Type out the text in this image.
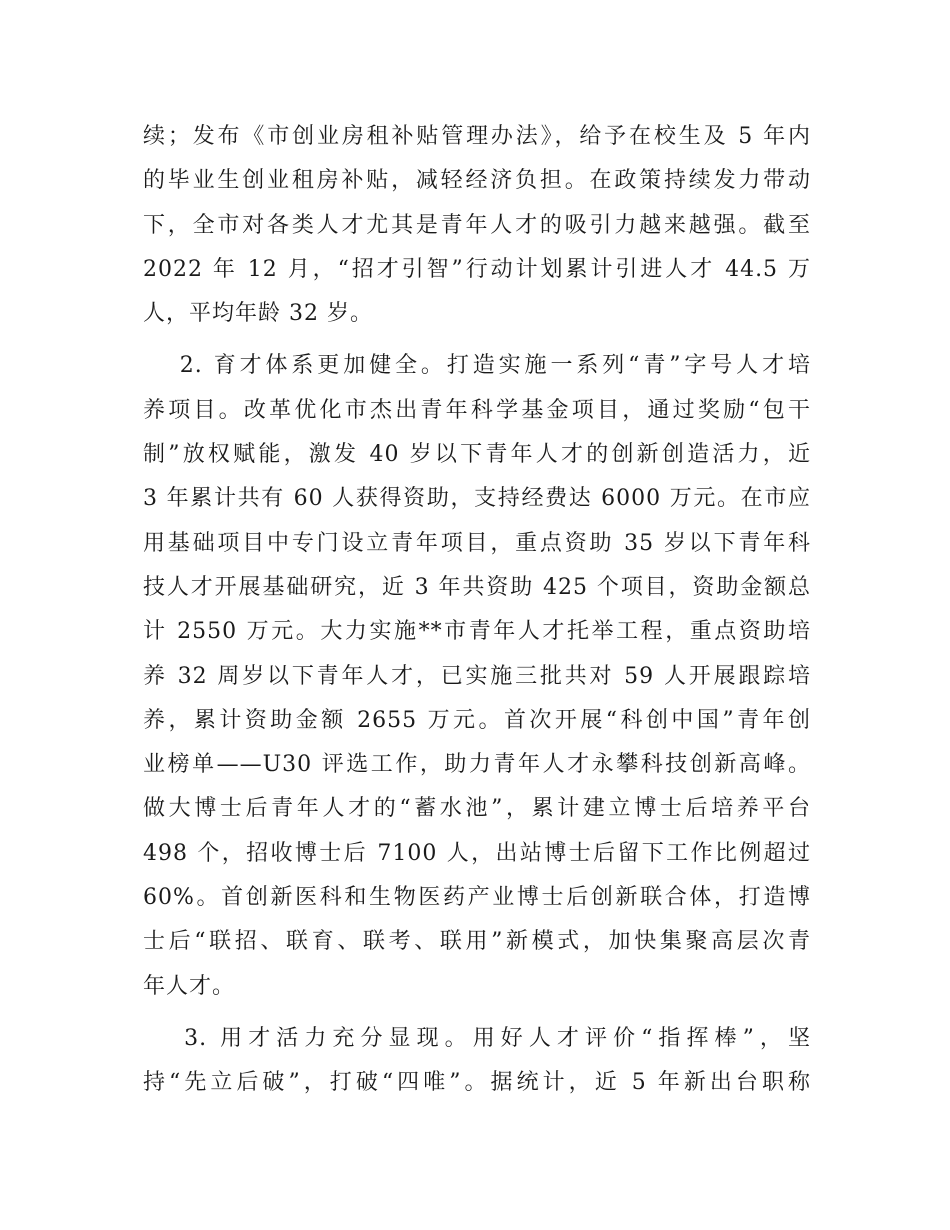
续；发布《市创业房租补贴管理办法》，给予在校生及 5 年内
的毕业生创业租房补贴，减轻经济负担。在政策持续发力带动
下，全市对各类人才尤其是青年人才的吸引力越来越强。截至
2022 年 12 月，“招才引智”行动计划累计引进人才 44.5 万
人，平均年龄 32 岁。
　 2. 育才体系更加健全。打造实施一系列“青”字号人才培
养项目。改革优化市杰出青年科学基金项目，通过奖励“包干
制”放权赋能，激发 40 岁以下青年人才的创新创造活力，近
3 年累计共有 60 人获得资助，支持经费达 6000 万元。在市应
用基础项目中专门设立青年项目，重点资助 35 岁以下青年科
技人才开展基础研究，近 3 年共资助 425 个项目，资助金额总
计 2550 万元。大力实施**市青年人才托举工程，重点资助培
养 32 周岁以下青年人才，已实施三批共对 59 人开展跟踪培
养，累计资助金额 2655 万元。首次开展“科创中国”青年创
业榜单——U30 评选工作，助力青年人才永攀科技创新高峰。
做大博士后青年人才的“蓄水池”，累计建立博士后培养平台
498 个，招收博士后 7100 人，出站博士后留下工作比例超过
60%。首创新医科和生物医药产业博士后创新联合体，打造博
士后“联招、联育、联考、联用”新模式，加快集聚高层次青
年人才。
　 3. 用才活力充分显现。用好人才评价“指挥棒”，坚
持“先立后破”，打破“四唯”。据统计，近 5 年新出台职称
